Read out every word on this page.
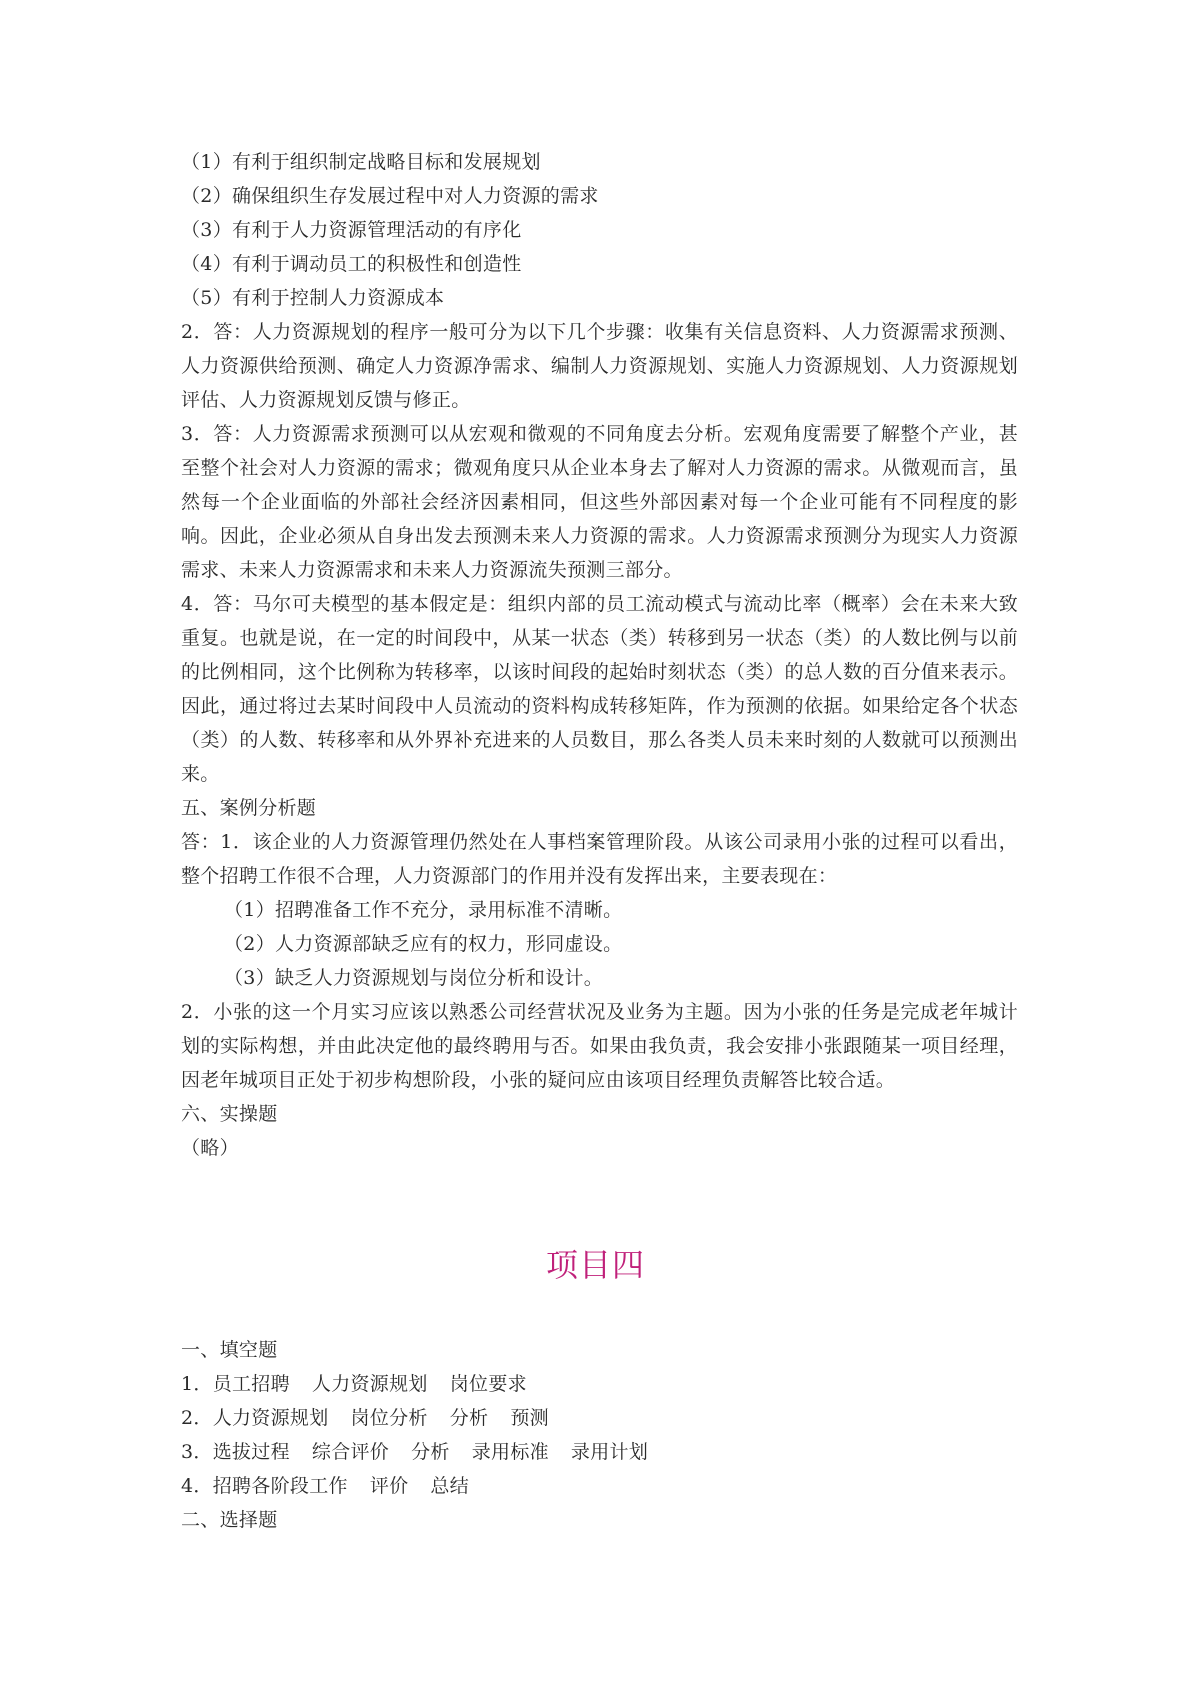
（1）有利于组织制定战略目标和发展规划
（2）确保组织生存发展过程中对人力资源的需求
（3）有利于人力资源管理活动的有序化
（4）有利于调动员工的积极性和创造性
（5）有利于控制人力资源成本
2．答：人力资源规划的程序一般可分为以下几个步骤：收集有关信息资料、人力资源需求预测、人力资源供给预测、确定人力资源净需求、编制人力资源规划、实施人力资源规划、人力资源规划评估、人力资源规划反馈与修正。
3．答：人力资源需求预测可以从宏观和微观的不同角度去分析。宏观角度需要了解整个产业，甚至整个社会对人力资源的需求；微观角度只从企业本身去了解对人力资源的需求。从微观而言，虽然每一个企业面临的外部社会经济因素相同，但这些外部因素对每一个企业可能有不同程度的影响。因此，企业必须从自身出发去预测未来人力资源的需求。人力资源需求预测分为现实人力资源需求、未来人力资源需求和未来人力资源流失预测三部分。
4．答：马尔可夫模型的基本假定是：组织内部的员工流动模式与流动比率（概率）会在未来大致重复。也就是说，在一定的时间段中，从某一状态（类）转移到另一状态（类）的人数比例与以前的比例相同，这个比例称为转移率，以该时间段的起始时刻状态（类）的总人数的百分值来表示。因此，通过将过去某时间段中人员流动的资料构成转移矩阵，作为预测的依据。如果给定各个状态（类）的人数、转移率和从外界补充进来的人员数目，那么各类人员未来时刻的人数就可以预测出来。
五、案例分析题
答：1．该企业的人力资源管理仍然处在人事档案管理阶段。从该公司录用小张的过程可以看出，整个招聘工作很不合理，人力资源部门的作用并没有发挥出来，主要表现在：
（1）招聘准备工作不充分，录用标准不清晰。
（2）人力资源部缺乏应有的权力，形同虚设。
（3）缺乏人力资源规划与岗位分析和设计。
2．小张的这一个月实习应该以熟悉公司经营状况及业务为主题。因为小张的任务是完成老年城计划的实际构想，并由此决定他的最终聘用与否。如果由我负责，我会安排小张跟随某一项目经理，因老年城项目正处于初步构想阶段，小张的疑问应由该项目经理负责解答比较合适。
六、实操题
（略）
项目四
一、填空题
1．员工招聘 人力资源规划 岗位要求
2．人力资源规划 岗位分析 分析 预测
3．选拔过程 综合评价 分析 录用标准 录用计划
4．招聘各阶段工作 评价 总结
二、选择题
